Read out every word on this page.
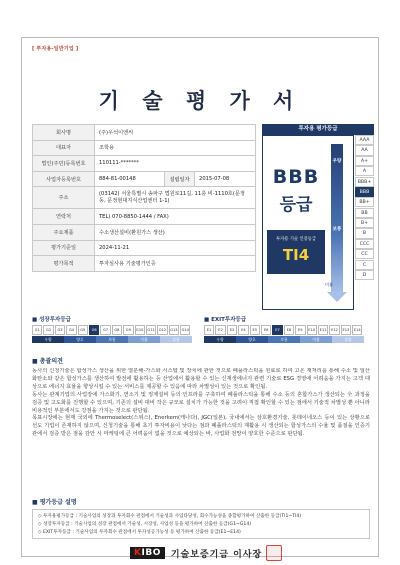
[ 투자용-일반기업 ]
기 술 평 가 서
회사명	(주)우석이엔씨		
대표자	조학용		
법인(주민)등록번호	110111-*******		
사업자등록번호	884-81-00148	설립일자	2015-07-08
주소	(03142) 서울특별시 송파구 법원로11길, 11층 비-1110호(문정동, 문정현대지식산업센터 1-1)		
연락처	TEL) 070-8850-1444 / FAX)		
주요제품	수소생산설비(환원가스 생산)		
평가기준일	2024-11-21		
평가목적	투자심사용 기술평가인증		
투자용 평가등급
BBB
등급
투자용 기술 인증등급
TI4
우량
보통
미흡
AAA
AA
A+
A
BBB+
BBB
BB+
BB
B+
B
CCC
CC
C
D
■ 성장투자등급
G1	G2	G3	G4	G5	G6	G7	G8	G9	G10	G11	G12	G13	G14
우량	양호	보통	미흡	불량
■ EXIT투자등급
E1	E2	E3	E4	E5	E6	E7	E8	E9	E10	E11	E12	E13	E14
우량	양호	보통	미흡	불량
■ 총괄의견

동사의 신청기술은 합성가스 생산을 위한 열분해-가스화 시스템 및 장치에 관한 것으로 폐플라스틱을 원료로 하여 고온 재처리를 통해 수소 및 일산화탄소와 같은 합성가스를 생산하여 발전에 활용하는 등 산업에서 활용할 수 있는 신재생에너지 관련 기술로 ESG 경영에 어려움을 가지는 고객 대상으로 에너지 효율을 향상시킬 수 있는 서비스를 제공할 수 있음에 따라 차별성이 있는 것으로 확인됨.

동사는 관계기업의 사업장에 가스화기, 연소기 및 정제설비 등의 인프라를 구축하여 폐플라스틱을 통해 수소 등의 혼합가스가 생산되는 全 과정을 검증 및 고도화를 진행할 수 있으며, 기존의 설비 대비 작은 규모로 설치가 가능한 것을 고려이 직접 확인할 수 있는 점에서 기술적 차별성 뿐 아니라 비용적인 부분에서도 강점을 가지는 것으로 판단됨.

목표시장에는 현재 국외에 Thermoselect(스위스), Enerkem(캐나다), JGC(일본), 국내에서는 삼호환경기술, 롯데이네오스 등이 있는 상황으로 선도 기업이 존재하지 않으며, 신청기술을 통해 초기 투자비용이 낮다는 점과 폐플라스틱의 재활용 시 생산되는 합성가스의 수율 및 품질을 인증기관에서 검증 받은 점을 감안 시 마케팅에 큰 어려움이 없을 것으로 예상되는 바, 사업화 전망이 양호한 수준으로 판단됨.

■ 평가등급 설명
◇ 투자용평가등급 : 기술사업의 성장과 투자회수 관점에서 기술성과 사업타당성, 회수가능성을 종합평가하여 산출한 등급(TI1~TI4)
◇ 성장투자등급 : 기술사업의 성장 관점에서 기술성, 시장성, 사업성 등을 평가하여 산출한 등급(G1~G14)
◇ EXIT투자등급 : 기술사업의 투자회수 관점에서 투자성공가능성 등 평가하여 산출한 등급(E1~E14)
K IBO 기술보증기금 이사장
